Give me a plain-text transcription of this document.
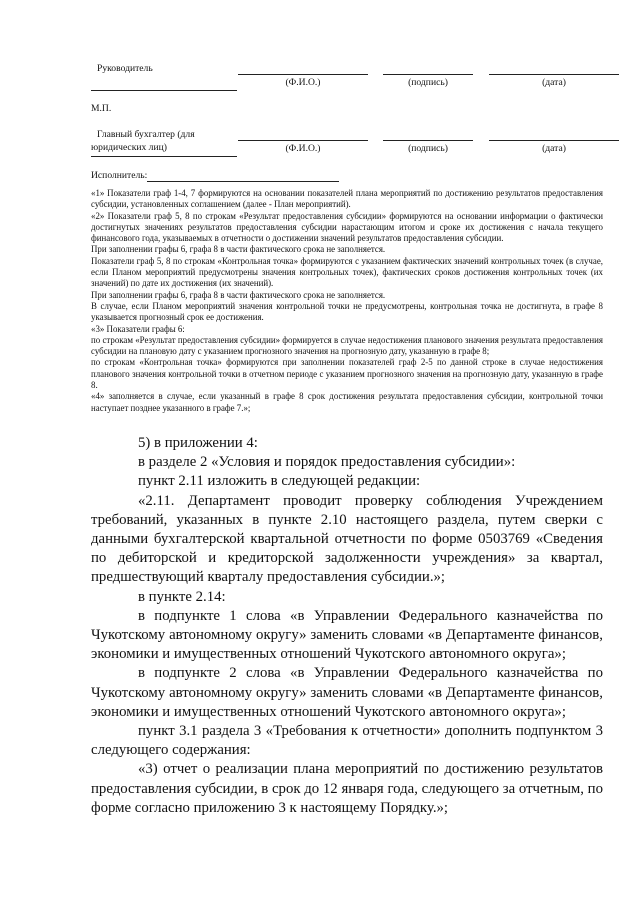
Руководитель
(Ф.И.О.)	(подпись)	(дата)
М.П.
Главный бухгалтер (для
юридических лиц)	(Ф.И.О.)	(подпись)	(дата)
Исполнитель:

«1» Показатели граф 1-4, 7 формируются на основании показателей плана мероприятий по достижению результатов предоставления субсидии, установленных соглашением (далее - План мероприятий).

«2» Показатели граф 5, 8 по строкам «Результат предоставления субсидии» формируются на основании информации о фактически достигнутых значениях результатов предоставления субсидии нарастающим итогом и сроке их достижения с начала текущего финансового года, указываемых в отчетности о достижении значений результатов предоставления субсидии.

При заполнении графы 6, графа 8 в части фактического срока не заполняется.

Показатели граф 5, 8 по строкам «Контрольная точка» формируются с указанием фактических значений контрольных точек (в случае, если Планом мероприятий предусмотрены значения контрольных точек), фактических сроков достижения контрольных точек (их значений) по дате их достижения (их значений).

При заполнении графы 6, графа 8 в части фактического срока не заполняется.

В случае, если Планом мероприятий значения контрольной точки не предусмотрены, контрольная точка не достигнута, в графе 8 указывается прогнозный срок ее достижения.

«3» Показатели графы 6:

по строкам «Результат предоставления субсидии» формируется в случае недостижения планового значения результата предоставления субсидии на плановую дату с указанием прогнозного значения на прогнозную дату, указанную в графе 8;

по строкам «Контрольная точка» формируются при заполнении показателей граф 2-5 по данной строке в случае недостижения планового значения контрольной точки в отчетном периоде с указанием прогнозного значения на прогнозную дату, указанную в графе 8.

«4» заполняется в случае, если указанный в графе 8 срок достижения результата предоставления субсидии, контрольной точки наступает позднее указанного в графе 7.»;

5) в приложении 4:

в разделе 2 «Условия и порядок предоставления субсидии»:

пункт 2.11 изложить в следующей редакции:

«2.11. Департамент проводит проверку соблюдения Учреждением требований, указанных в пункте 2.10 настоящего раздела, путем сверки с данными бухгалтерской квартальной отчетности по форме 0503769 «Сведения по дебиторской и кредиторской задолженности учреждения» за квартал, предшествующий кварталу предоставления субсидии.»;

в пункте 2.14:

в подпункте 1 слова «в Управлении Федерального казначейства по Чукотскому автономному округу» заменить словами «в Департаменте финансов, экономики и имущественных отношений Чукотского автономного округа»;

в подпункте 2 слова «в Управлении Федерального казначейства по Чукотскому автономному округу» заменить словами «в Департаменте финансов, экономики и имущественных отношений Чукотского автономного округа»;

пункт 3.1 раздела 3 «Требования к отчетности» дополнить подпунктом 3 следующего содержания:

«3) отчет о реализации плана мероприятий по достижению результатов предоставления субсидии, в срок до 12 января года, следующего за отчетным, по форме согласно приложению 3 к настоящему Порядку.»;
